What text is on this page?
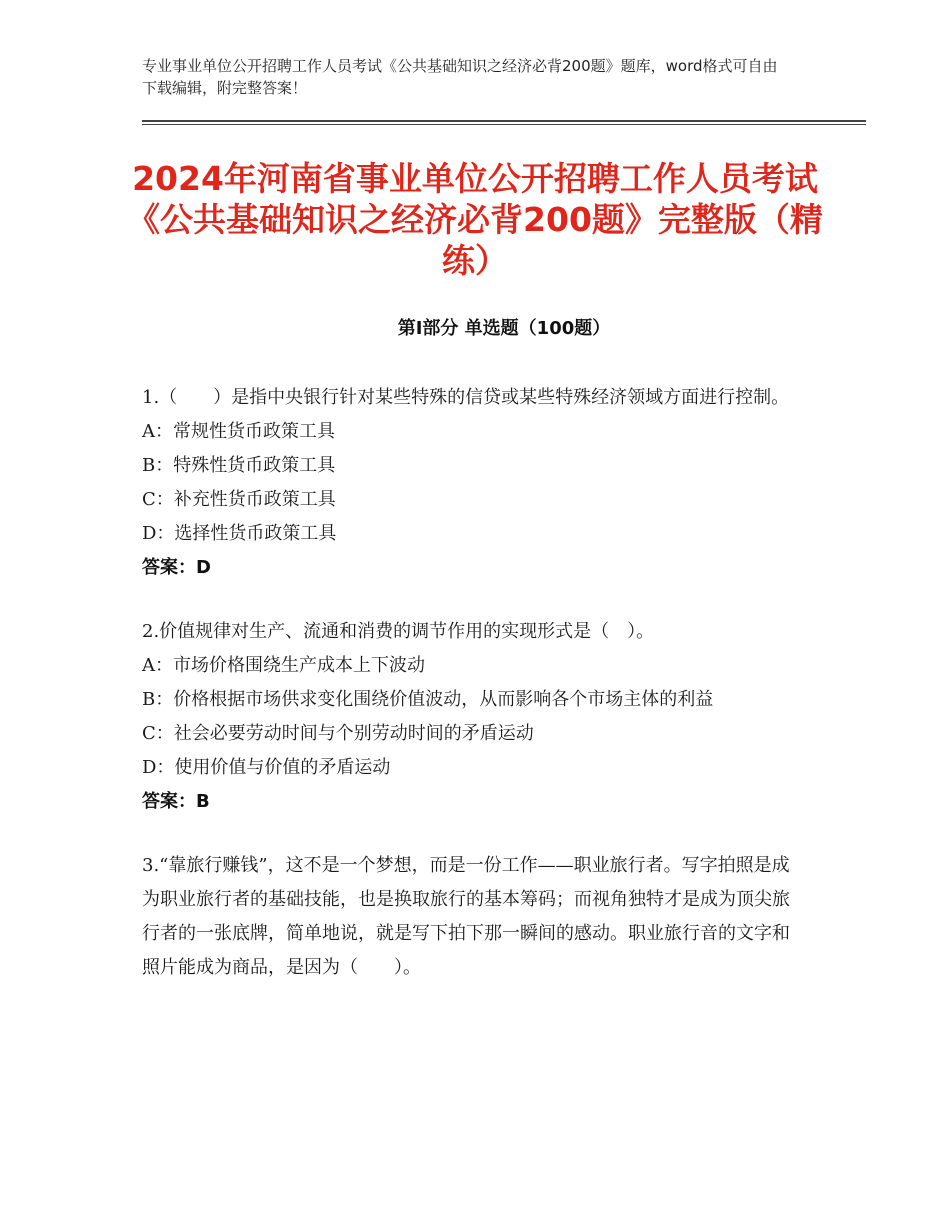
专业事业单位公开招聘工作人员考试《公共基础知识之经济必背200题》题库，word格式可自由下载编辑，附完整答案！
2024年河南省事业单位公开招聘工作人员考试《公共基础知识之经济必背200题》完整版（精练）
第Ⅰ部分 单选题（100题）
1.（　　）是指中央银行针对某些特殊的信贷或某些特殊经济领域方面进行控制。
A：常规性货币政策工具
B：特殊性货币政策工具
C：补充性货币政策工具
D：选择性货币政策工具
答案：D
2.价值规律对生产、流通和消费的调节作用的实现形式是（　）。
A：市场价格围绕生产成本上下波动
B：价格根据市场供求变化围绕价值波动，从而影响各个市场主体的利益
C：社会必要劳动时间与个别劳动时间的矛盾运动
D：使用价值与价值的矛盾运动
答案：B
3.“靠旅行赚钱”，这不是一个梦想，而是一份工作——职业旅行者。写字拍照是成为职业旅行者的基础技能，也是换取旅行的基本筹码；而视角独特才是成为顶尖旅行者的一张底牌，简单地说，就是写下拍下那一瞬间的感动。职业旅行音的文字和照片能成为商品，是因为（　　）。
